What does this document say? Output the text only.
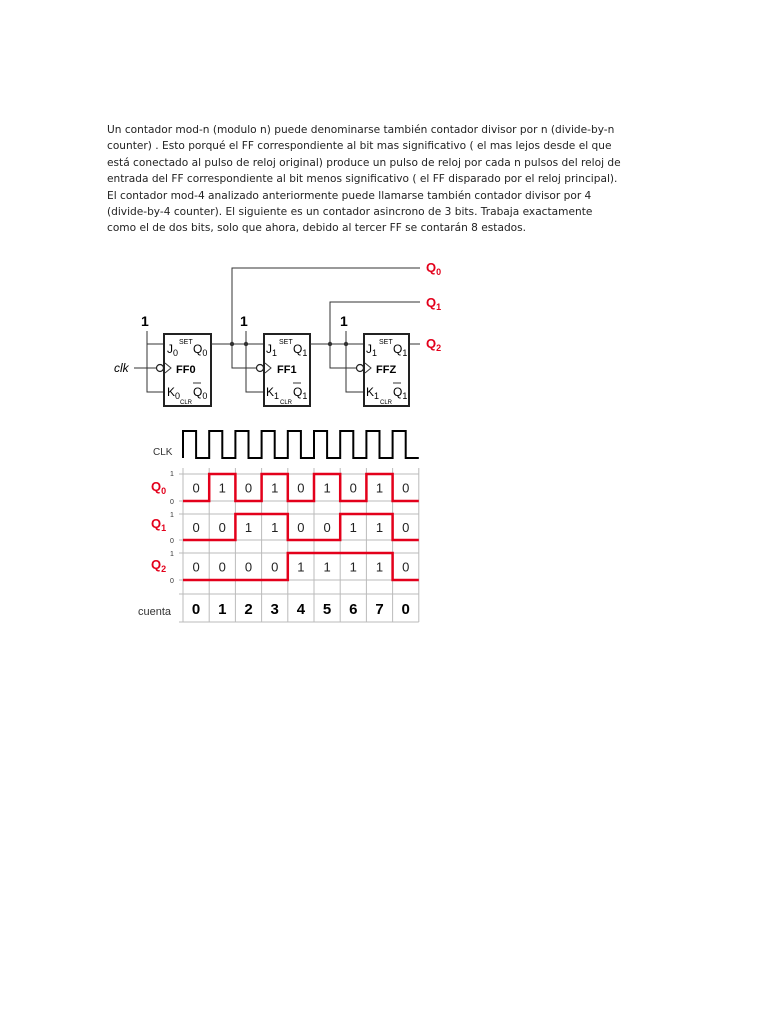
Un contador mod-n (modulo n) puede denominarse también contador divisor por n (divide-by-n
counter) . Esto porqué el FF correspondiente al bit mas significativo ( el mas lejos desde el que
está conectado al pulso de reloj original) produce un pulso de reloj por cada n pulsos del reloj de
entrada del FF correspondiente al bit menos significativo ( el FF disparado por el reloj principal).
El contador mod-4 analizado anteriormente puede llamarse también contador divisor por 4
(divide-by-4 counter). El siguiente es un contador asincrono de 3 bits. Trabaja exactamente
como el de dos bits, solo que ahora, debido al tercer FF se contarán 8 estados.

$Q_0$
$Q_1$
$Q_2$
1
clk
$J_0$
SET $Q_0$
FF0
$K_0$ $Q_0$
CLR
1
$J_1$
SET $Q_1$
FF1
$K_1$ $Q_1$
CLR
1
$J_1$
SET $Q_1$
FFZ
$K_1$ $Q_1$
CLR
CLK
1
0
$Q_0$
1
0
$Q_1$
1
0
$Q_2$
cuenta
0 1 0 1 0 1 0 1 0
0 0 1 1 0 0 1 1 0
0 0 0 0 1 1 1 1 0
0 1 2 3 4 5 6 7 0
